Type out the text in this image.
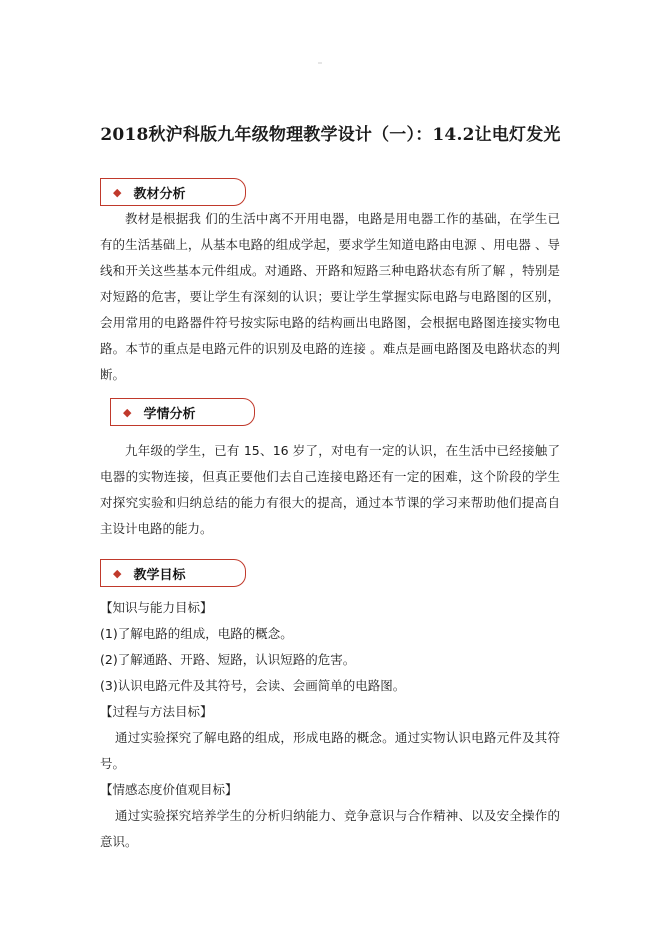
2018秋沪科版九年级物理教学设计（一）：14.2让电灯发光
◆ 教材分析

教材是根据我 们的生活中离不开用电器，电路是用电器工作的基础，在学生已有的生活基础上，从基本电路的组成学起，要求学生知道电路由电源 、用电器 、导线和开关这些基本元件组成。对通路、开路和短路三种电路状态有所了解 ，特别是对短路的危害，要让学生有深刻的认识；要让学生掌握实际电路与电路图的区别，会用常用的电路器件符号按实际电路的结构画出电路图，会根据电路图连接实物电路。本节的重点是电路元件的识别及电路的连接 。难点是画电路图及电路状态的判断。

◆ 学情分析

九年级的学生，已有 15、16 岁了，对电有一定的认识，在生活中已经接触了电器的实物连接，但真正要他们去自己连接电路还有一定的困难，这个阶段的学生对探究实验和归纳总结的能力有很大的提高，通过本节课的学习来帮助他们提高自主设计电路的能力。

◆ 教学目标

【知识与能力目标】

(1)了解电路的组成，电路的概念。

(2)了解通路、开路、短路，认识短路的危害。

(3)认识电路元件及其符号，会读、会画简单的电路图。

【过程与方法目标】

通过实验探究了解电路的组成，形成电路的概念。通过实物认识电路元件及其符号。

【情感态度价值观目标】

通过实验探究培养学生的分析归纳能力、竞争意识与合作精神、以及安全操作的意识。
